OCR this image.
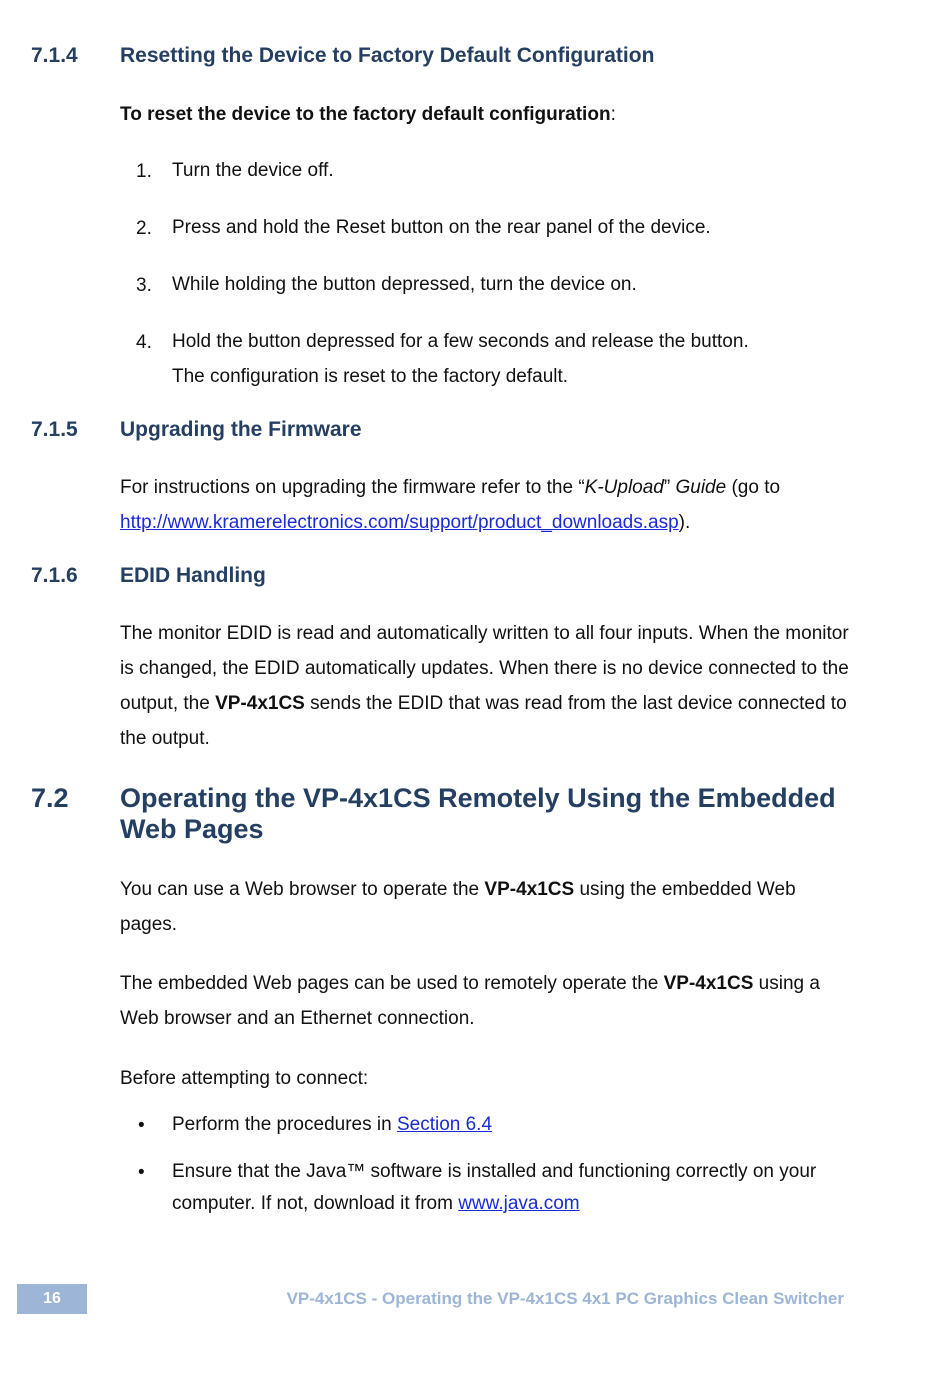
7.1.4 Resetting the Device to Factory Default Configuration
To reset the device to the factory default configuration:
1. Turn the device off.
2. Press and hold the Reset button on the rear panel of the device.
3. While holding the button depressed, turn the device on.
4. Hold the button depressed for a few seconds and release the button.
The configuration is reset to the factory default.
7.1.5 Upgrading the Firmware
For instructions on upgrading the firmware refer to the “K-Upload” Guide (go to
http://www.kramerelectronics.com/support/product_downloads.asp).
7.1.6 EDID Handling
The monitor EDID is read and automatically written to all four inputs. When the monitor is changed, the EDID automatically updates. When there is no device connected to the output, the VP-4x1CS sends the EDID that was read from the last device connected to the output.
7.2 Operating the VP-4x1CS Remotely Using the Embedded Web Pages
You can use a Web browser to operate the VP-4x1CS using the embedded Web pages.
The embedded Web pages can be used to remotely operate the VP-4x1CS using a Web browser and an Ethernet connection.
Before attempting to connect:
• Perform the procedures in Section 6.4
• Ensure that the Java™ software is installed and functioning correctly on your computer. If not, download it from www.java.com
16	VP-4x1CS - Operating the VP-4x1CS 4x1 PC Graphics Clean Switcher
